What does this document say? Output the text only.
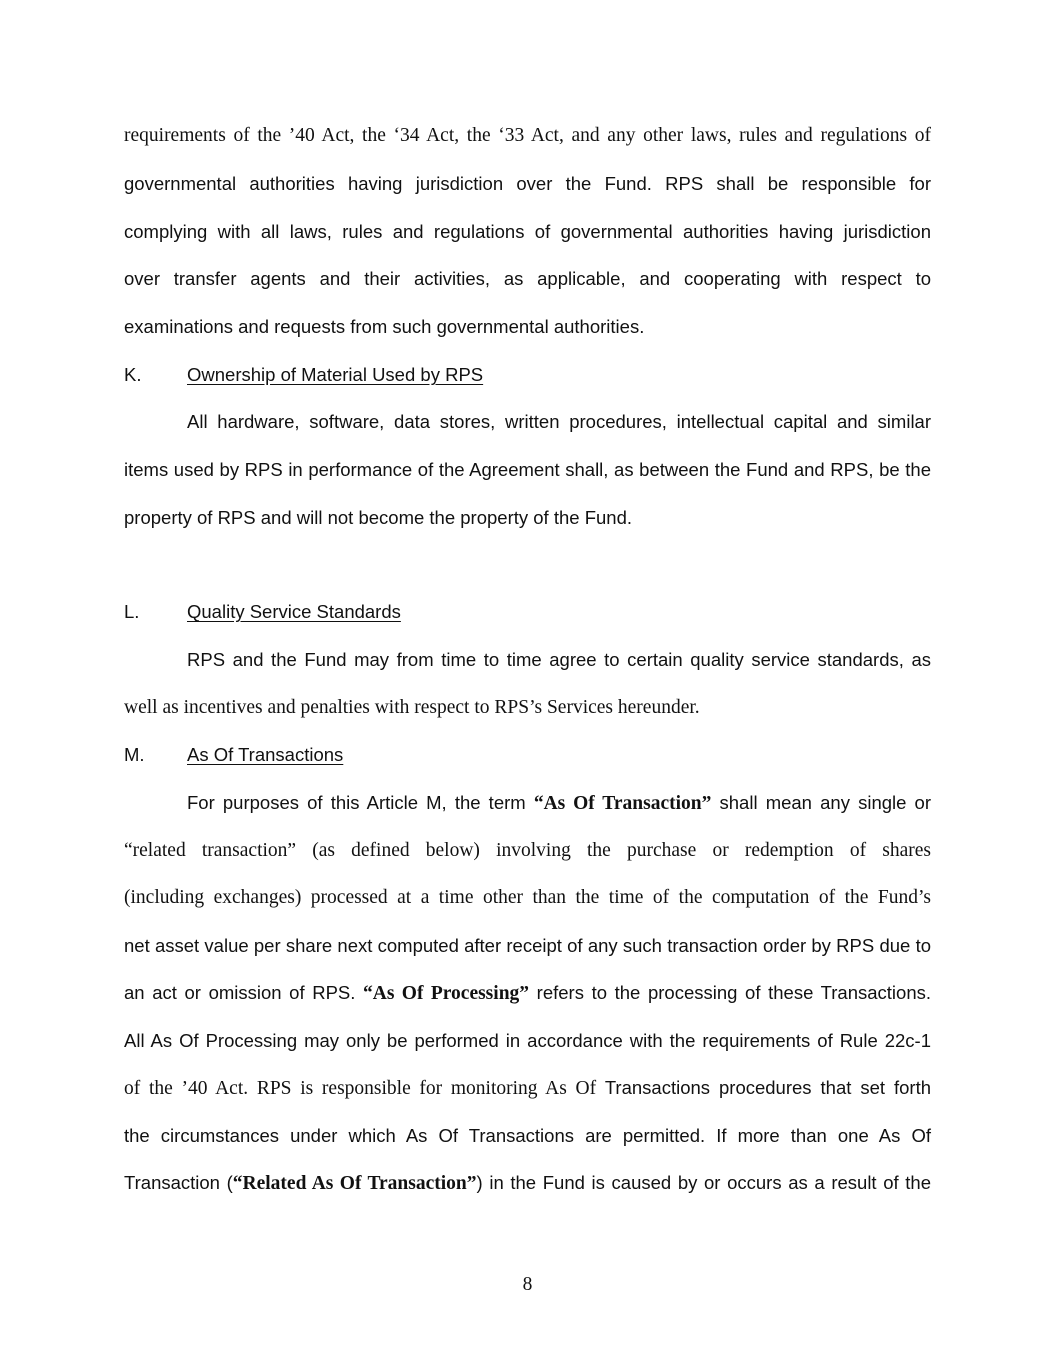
requirements of the ’40 Act, the ‘34 Act, the ‘33 Act, and any other laws, rules and regulations of
governmental authorities having jurisdiction over the Fund. RPS shall be responsible for
complying with all laws, rules and regulations of governmental authorities having jurisdiction
over transfer agents and their activities, as applicable, and cooperating with respect to
examinations and requests from such governmental authorities.
K. Ownership of Material Used by RPS
All hardware, software, data stores, written procedures, intellectual capital and similar
items used by RPS in performance of the Agreement shall, as between the Fund and RPS, be the
property of RPS and will not become the property of the Fund.
L.	Quality Service Standards
RPS and the Fund may from time to time agree to certain quality service standards, as
well as incentives and penalties with respect to RPS’s Services hereunder.
M. As Of Transactions
For purposes of this Article M, the term “As Of Transaction” shall mean any single or
“related transaction” (as defined below) involving the purchase or redemption of shares
(including exchanges) processed at a time other than the time of the computation of the Fund’s
net asset value per share next computed after receipt of any such transaction order by RPS due to
an act or omission of RPS. “As Of Processing” refers to the processing of these Transactions.
All As Of Processing may only be performed in accordance with the requirements of Rule 22c-1
of the ’40 Act. RPS is responsible for monitoring As Of Transactions procedures that set forth
the circumstances under which As Of Transactions are permitted. If more than one As Of
Transaction (“Related As Of Transaction”) in the Fund is caused by or occurs as a result of the
8
